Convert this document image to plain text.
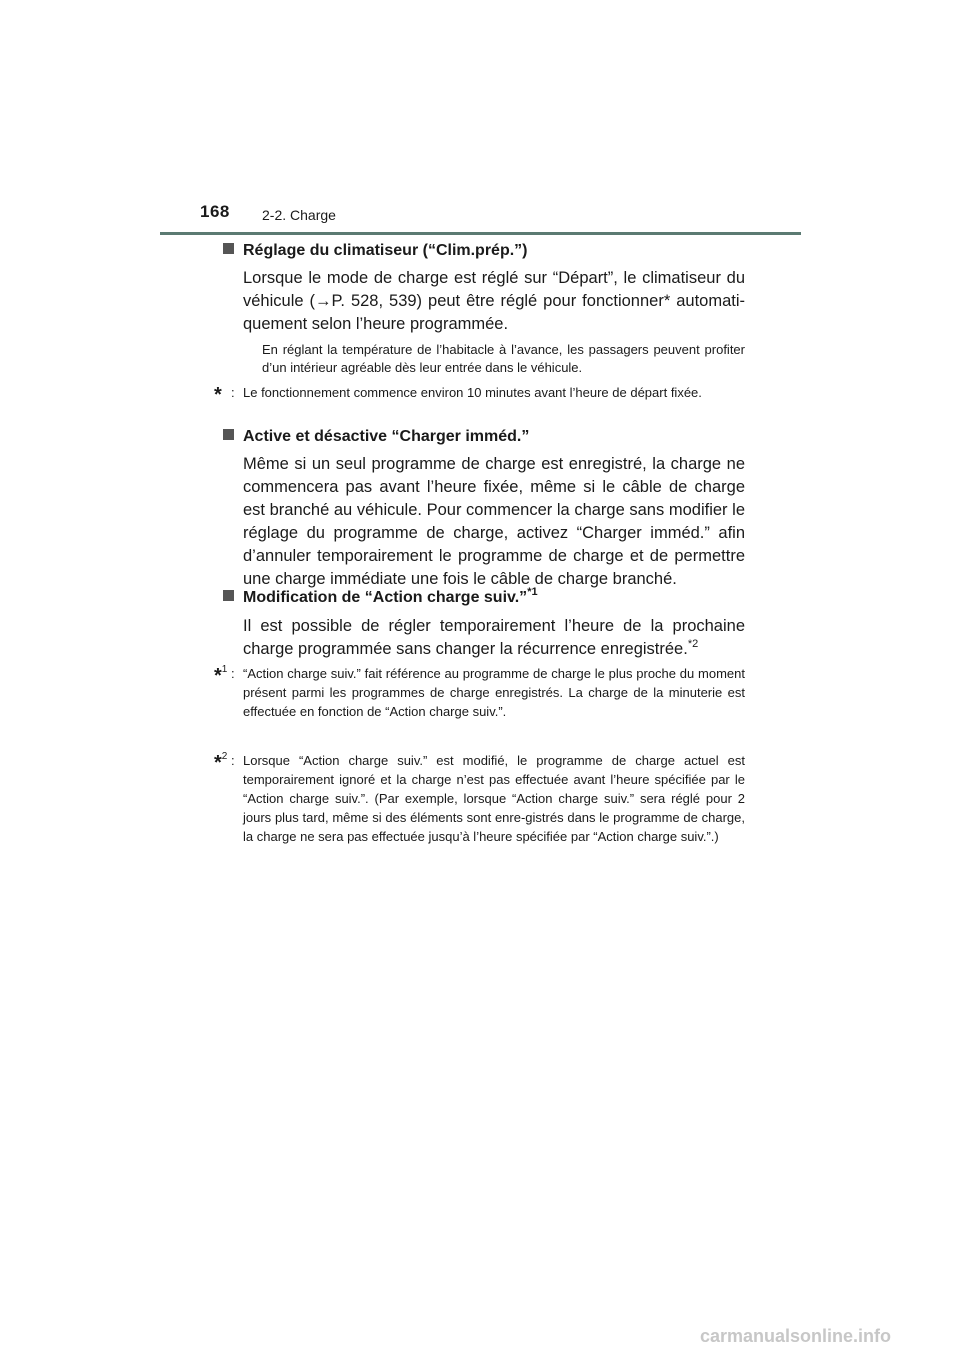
168 2-2. Charge
Réglage du climatiseur (“Clim.prép.”)
Lorsque le mode de charge est réglé sur “Départ”, le climatiseur du véhicule (→P. 528, 539) peut être réglé pour fonctionner* automati-quement selon l’heure programmée.
En réglant la température de l’habitacle à l’avance, les passagers peuvent profiter d’un intérieur agréable dès leur entrée dans le véhicule.
* : Le fonctionnement commence environ 10 minutes avant l’heure de départ fixée.
Active et désactive “Charger imméd.”
Même si un seul programme de charge est enregistré, la charge ne commencera pas avant l’heure fixée, même si le câble de charge est branché au véhicule. Pour commencer la charge sans modifier le réglage du programme de charge, activez “Charger imméd.” afin d’annuler temporairement le programme de charge et de permettre une charge immédiate une fois le câble de charge branché.
Modification de “Action charge suiv.”$^{*1}$
Il est possible de régler temporairement l’heure de la prochaine charge programmée sans changer la récurrence enregistrée.$^{*2}$
*$^1$ : “Action charge suiv.” fait référence au programme de charge le plus proche du moment présent parmi les programmes de charge enregistrés. La charge de la minuterie est effectuée en fonction de “Action charge suiv.”.
*$^2$ : Lorsque “Action charge suiv.” est modifié, le programme de charge actuel est temporairement ignoré et la charge n’est pas effectuée avant l’heure spécifiée par le “Action charge suiv.”. (Par exemple, lorsque “Action charge suiv.” sera réglé pour 2 jours plus tard, même si des éléments sont enre-gistrés dans le programme de charge, la charge ne sera pas effectuée jusqu’à l’heure spécifiée par “Action charge suiv.”.)
carmanualsonline.info
